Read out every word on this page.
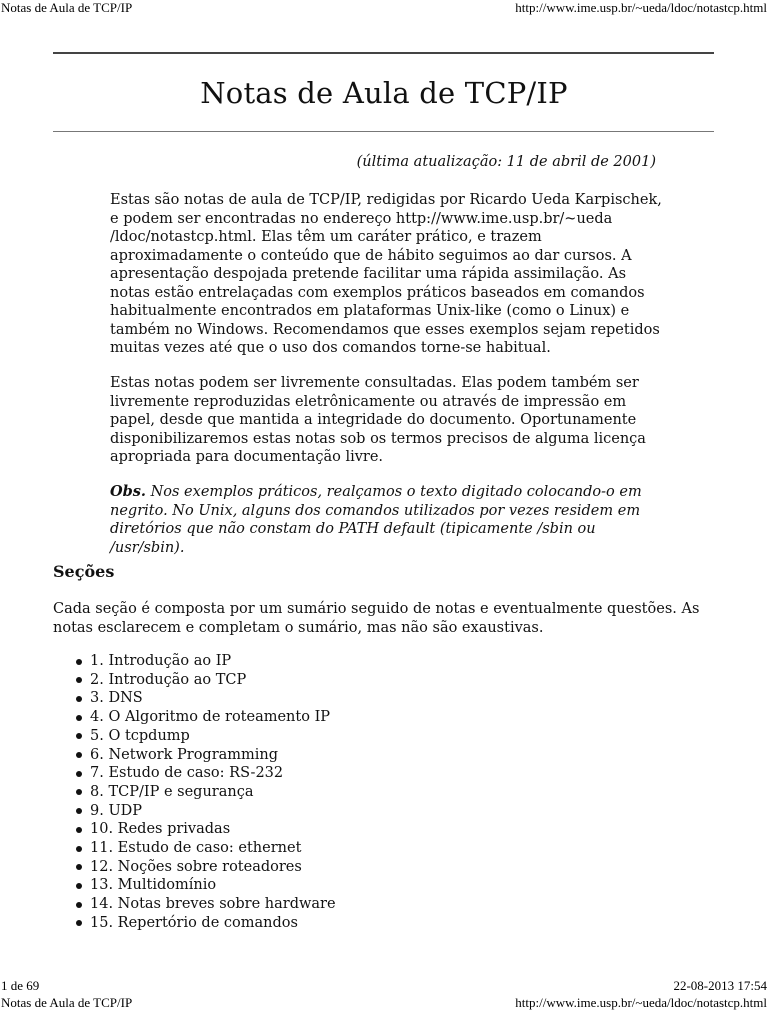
Notas de Aula de TCP/IP	http://www.ime.usp.br/~ueda/ldoc/notastcp.html
Notas de Aula de TCP/IP
(última atualização: 11 de abril de 2001)

Estas são notas de aula de TCP/IP, redigidas por Ricardo Ueda Karpischek, e podem ser encontradas no endereço http://www.ime.usp.br/~ueda /ldoc/notastcp.html. Elas têm um caráter prático, e trazem aproximadamente o conteúdo que de hábito seguimos ao dar cursos. A apresentação despojada pretende facilitar uma rápida assimilação. As notas estão entrelaçadas com exemplos práticos baseados em comandos habitualmente encontrados em plataformas Unix-like (como o Linux) e também no Windows. Recomendamos que esses exemplos sejam repetidos muitas vezes até que o uso dos comandos torne-se habitual.

Estas notas podem ser livremente consultadas. Elas podem também ser livremente reproduzidas eletrônicamente ou através de impressão em papel, desde que mantida a integridade do documento. Oportunamente disponibilizaremos estas notas sob os termos precisos de alguma licença apropriada para documentação livre.

Obs. Nos exemplos práticos, realçamos o texto digitado colocando-o em negrito. No Unix, alguns dos comandos utilizados por vezes residem em diretórios que não constam do PATH default (tipicamente /sbin ou /usr/sbin).

Seções

Cada seção é composta por um sumário seguido de notas e eventualmente questões. As notas esclarecem e completam o sumário, mas não são exaustivas.

1. Introdução ao IP
2. Introdução ao TCP
3. DNS
4. O Algoritmo de roteamento IP
5. O tcpdump
6. Network Programming
7. Estudo de caso: RS-232
8. TCP/IP e segurança
9. UDP
10. Redes privadas
11. Estudo de caso: ethernet
12. Noções sobre roteadores
13. Multidomínio
14. Notas breves sobre hardware
15. Repertório de comandos
1 de 69	22-08-2013 17:54
Notas de Aula de TCP/IP	http://www.ime.usp.br/~ueda/ldoc/notastcp.html
